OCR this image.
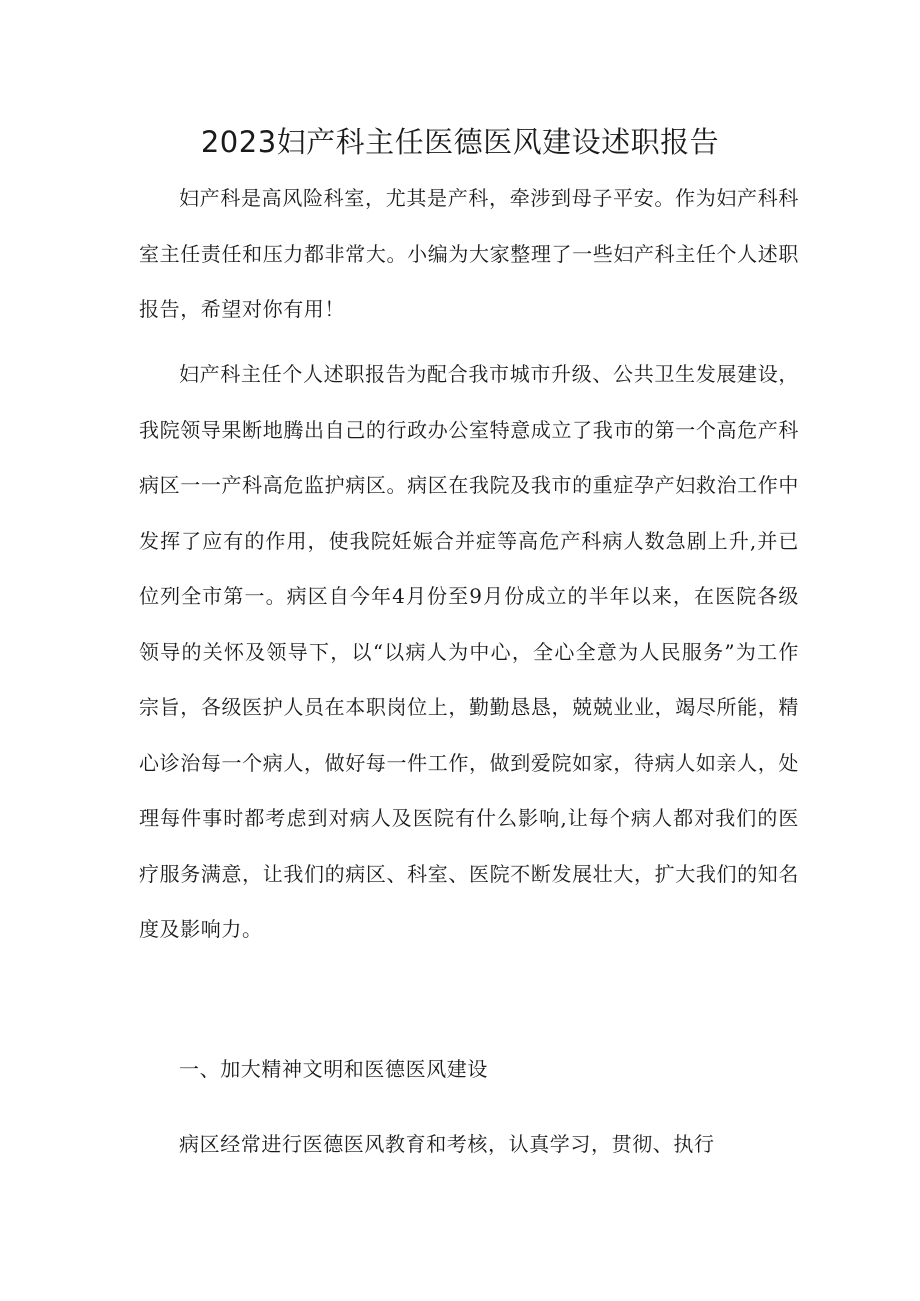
2023妇产科主任医德医风建设述职报告

妇产科是高风险科室，尤其是产科，牵涉到母子平安。作为妇产科科室主任责任和压力都非常大。小编为大家整理了一些妇产科主任个人述职报告，希望对你有用！

妇产科主任个人述职报告为配合我市城市升级、公共卫生发展建设，我院领导果断地腾出自己的行政办公室特意成立了我市的第一个高危产科病区一一产科高危监护病区。病区在我院及我市的重症孕产妇救治工作中发挥了应有的作用，使我院妊娠合并症等高危产科病人数急剧上升,并已位列全市第一。病区自今年4月份至9月份成立的半年以来，在医院各级领导的关怀及领导下，以“以病人为中心，全心全意为人民服务”为工作宗旨，各级医护人员在本职岗位上，勤勤恳恳，兢兢业业，竭尽所能，精心诊治每一个病人，做好每一件工作，做到爱院如家，待病人如亲人，处理每件事时都考虑到对病人及医院有什么影响,让每个病人都对我们的医疗服务满意，让我们的病区、科室、医院不断发展壮大，扩大我们的知名度及影响力。

一、加大精神文明和医德医风建设

病区经常进行医德医风教育和考核，认真学习，贯彻、执行
